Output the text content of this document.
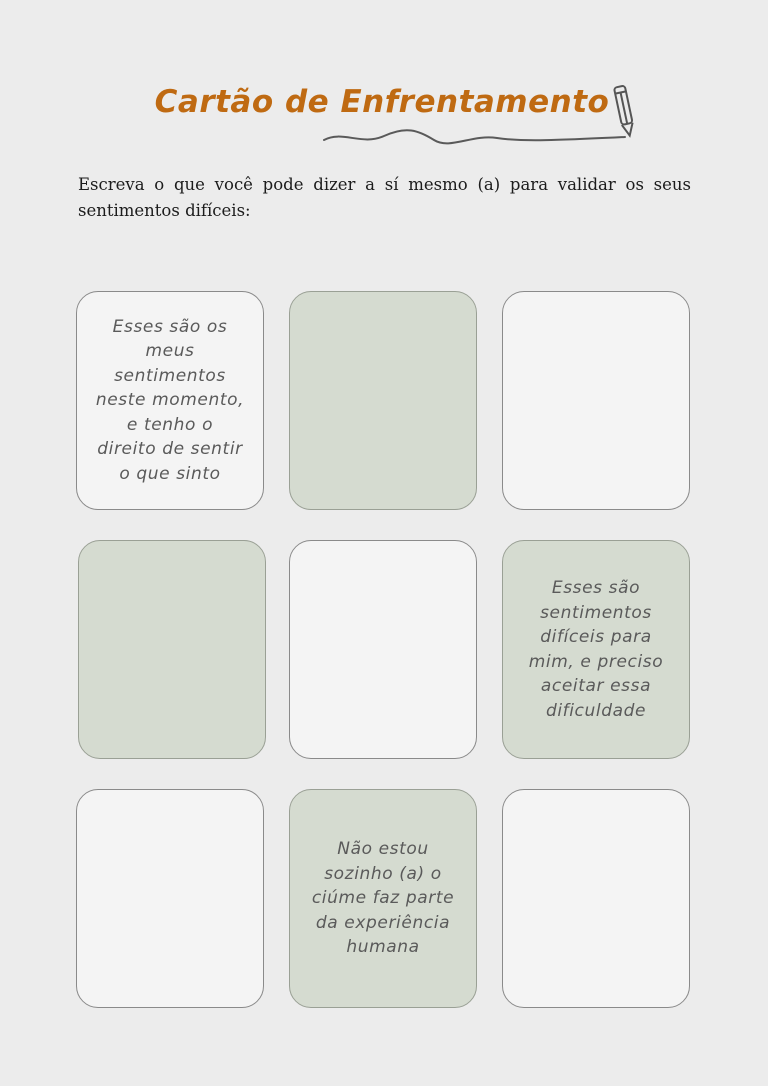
Cartão de Enfrentamento
Escreva o que você pode dizer a sí mesmo (a) para validar os seus sentimentos difíceis:
Esses são os meus sentimentos neste momento, e tenho o direito de sentir o que sinto
Esses são sentimentos difíceis para mim, e preciso aceitar essa dificuldade
Não estou sozinho (a) o ciúme faz parte da experiência humana
